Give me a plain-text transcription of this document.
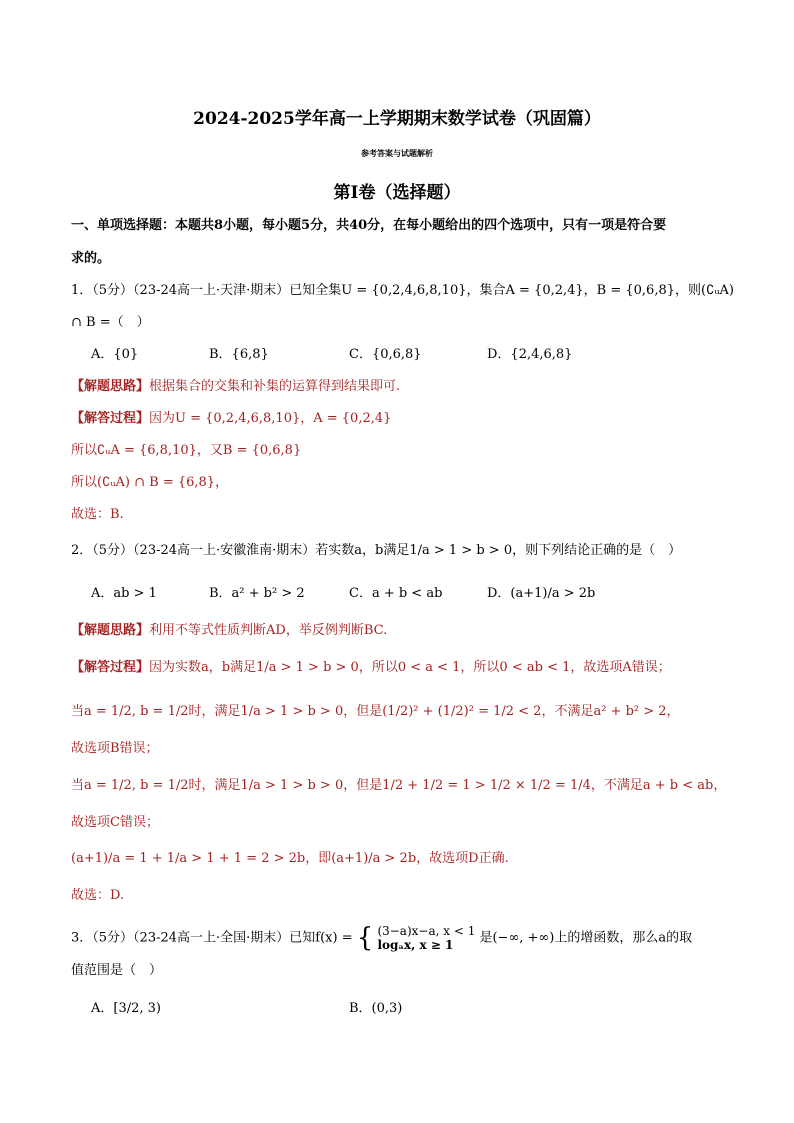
2024-2025学年高一上学期期末数学试卷（巩固篇）
参考答案与试题解析
第Ⅰ卷（选择题）
一、单项选择题：本题共8小题，每小题5分，共40分，在每小题给出的四个选项中，只有一项是符合要
求的。
1．（5分）（23-24高一上·天津·期末）已知全集U = {0,2,4,6,8,10}，集合A = {0,2,4}，B = {0,6,8}，则(∁ᵤA)
∩ B =（　）
A．{0}	B．{6,8}	C．{0,6,8}	D．{2,4,6,8}
【解题思路】根据集合的交集和补集的运算得到结果即可.
【解答过程】因为U = {0,2,4,6,8,10}，A = {0,2,4}
所以∁ᵤA = {6,8,10}，又B = {0,6,8}
所以(∁ᵤA) ∩ B = {6,8}，
故选：B.
2．（5分）（23-24高一上·安徽淮南·期末）若实数a，b满足1/a > 1 > b > 0，则下列结论正确的是（　）
A．ab > 1	B．a² + b² > 2	C．a + b < ab	D．(a+1)/a > 2b
【解题思路】利用不等式性质判断AD，举反例判断BC.
【解答过程】因为实数a，b满足1/a > 1 > b > 0，所以0 < a < 1，所以0 < ab < 1，故选项A错误；
当a = 1/2, b = 1/2时，满足1/a > 1 > b > 0，但是(1/2)² + (1/2)² = 1/2 < 2，不满足a² + b² > 2，
故选项B错误；
当a = 1/2, b = 1/2时，满足1/a > 1 > b > 0，但是1/2 + 1/2 = 1 > 1/2 × 1/2 = 1/4，不满足a + b < ab，
故选项C错误；
(a+1)/a = 1 + 1/a > 1 + 1 = 2 > 2b，即(a+1)/a > 2b，故选项D正确.
故选：D.
3．（5分）（23-24高一上·全国·期末）已知f(x) = { (3−a)x−a, x < 1
logₐx, x ≥ 1	是(−∞, +∞)上的增函数，那么a的取
值范围是（　）
A．[3/2, 3)	B．(0,3)
